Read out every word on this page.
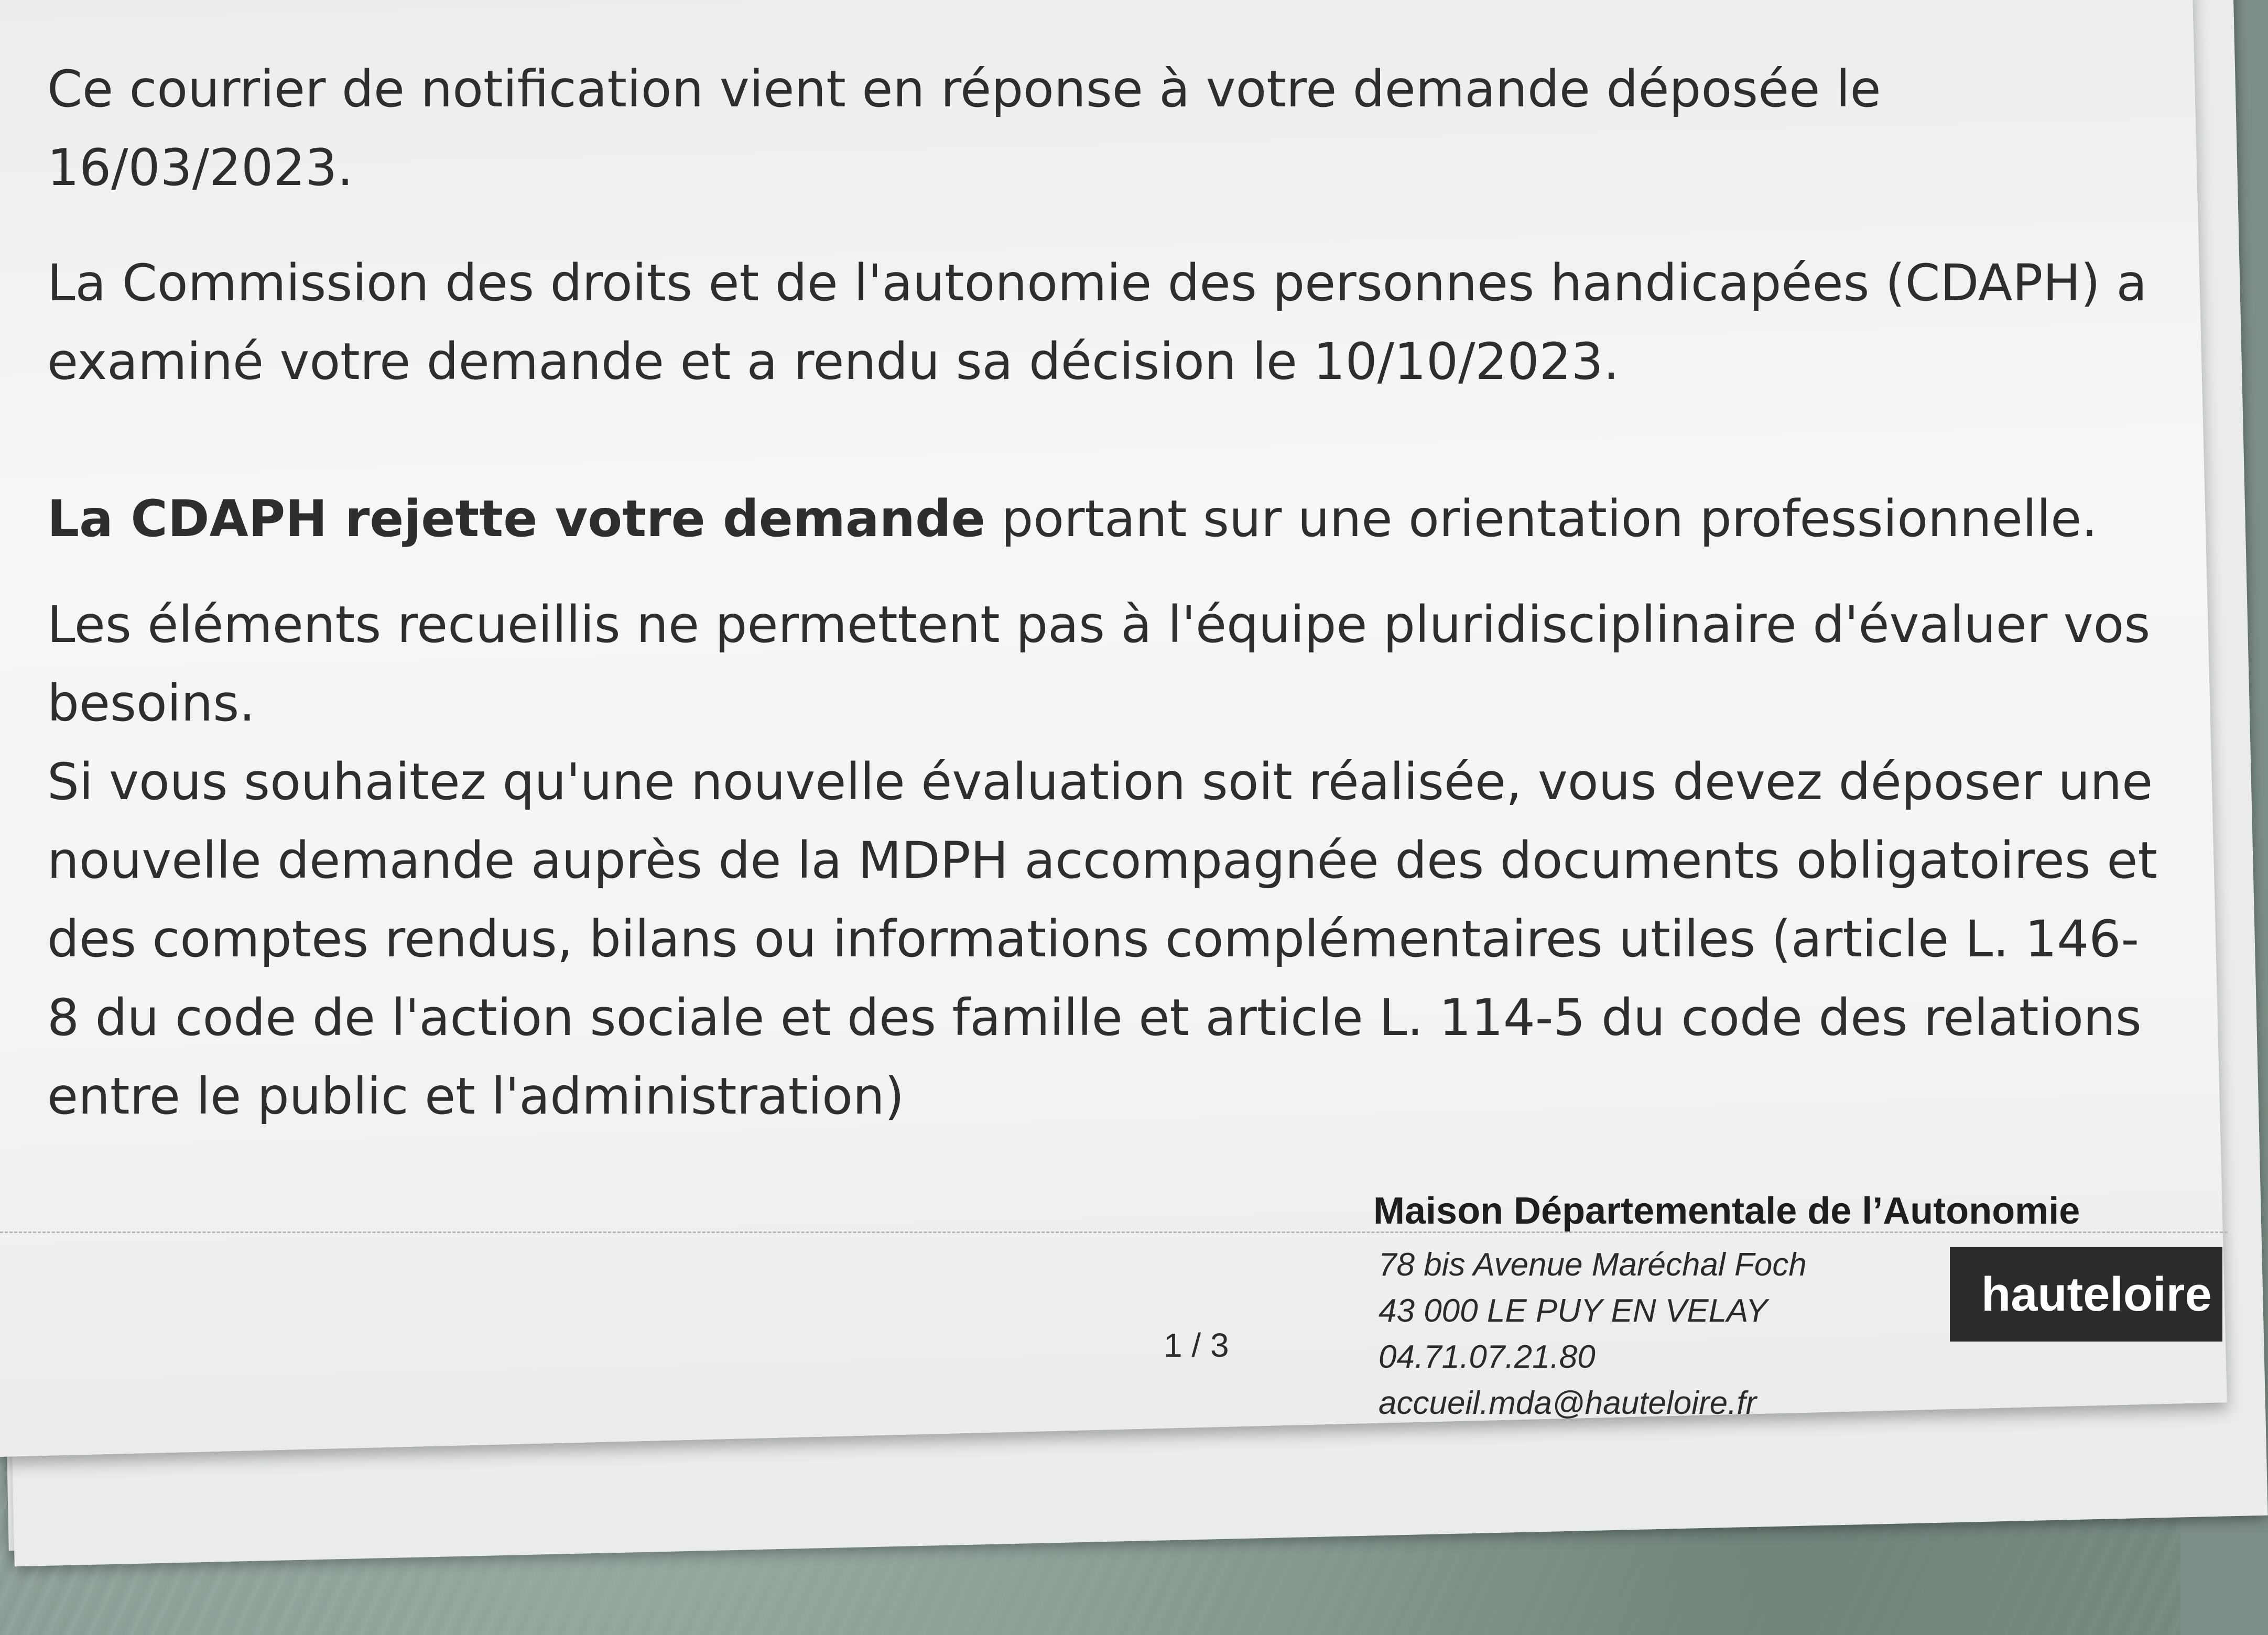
Ce courrier de notification vient en réponse à votre demande déposée le 16/03/2023.

La Commission des droits et de l'autonomie des personnes handicapées (CDAPH) a examiné votre demande et a rendu sa décision le 10/10/2023.

La CDAPH rejette votre demande portant sur une orientation professionnelle.

Les éléments recueillis ne permettent pas à l'équipe pluridisciplinaire d'évaluer vos besoins.

Si vous souhaitez qu'une nouvelle évaluation soit réalisée, vous devez déposer une nouvelle demande auprès de la MDPH accompagnée des documents obligatoires et des comptes rendus, bilans ou informations complémentaires utiles (article L. 146-8 du code de l'action sociale et des famille et article L. 114-5 du code des relations entre le public et l'administration)

Maison Départementale de l’Autonomie
1 / 3
78 bis Avenue Maréchal Foch
43 000 LE PUY EN VELAY
04.71.07.21.80
accueil.mda@hauteloire.fr
hauteloire
